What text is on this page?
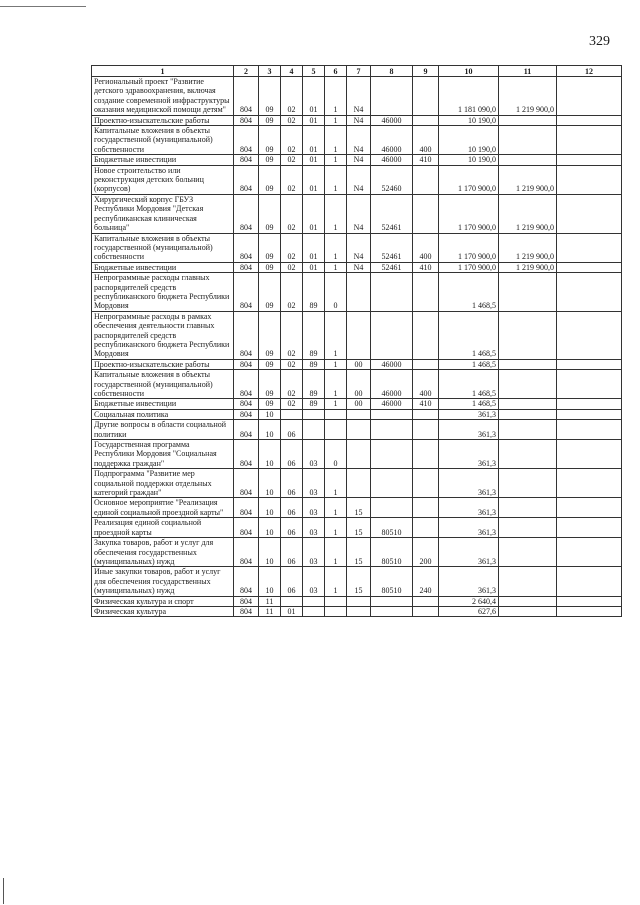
329
1	2	3	4	5	6	7	8	9	10	11	12
Региональный проект "Развитие детского здравоохранения, включая создание современной инфраструктуры оказания медицинской помощи детям"	804	09	02	01	1	N4			1 181 090,0	1 219 900,0	
Проектно-изыскательские работы	804	09	02	01	1	N4	46000		10 190,0		
Капитальные вложения в объекты государственной (муниципальной) собственности	804	09	02	01	1	N4	46000	400	10 190,0		
Бюджетные инвестиции	804	09	02	01	1	N4	46000	410	10 190,0		
Новое строительство или реконструкция детских больниц (корпусов)	804	09	02	01	1	N4	52460		1 170 900,0	1 219 900,0	
Хирургический корпус ГБУЗ Республики Мордовия "Детская республиканская клиническая больница"	804	09	02	01	1	N4	52461		1 170 900,0	1 219 900,0	
Капитальные вложения в объекты государственной (муниципальной) собственности	804	09	02	01	1	N4	52461	400	1 170 900,0	1 219 900,0	
Бюджетные инвестиции	804	09	02	01	1	N4	52461	410	1 170 900,0	1 219 900,0	
Непрограммные расходы главных распорядителей средств республиканского бюджета Республики Мордовия	804	09	02	89	0				1 468,5		
Непрограммные расходы в рамках обеспечения деятельности главных распорядителей средств республиканского бюджета Республики Мордовия	804	09	02	89	1				1 468,5		
Проектно-изыскательские работы	804	09	02	89	1	00	46000		1 468,5		
Капитальные вложения в объекты государственной (муниципальной) собственности	804	09	02	89	1	00	46000	400	1 468,5		
Бюджетные инвестиции	804	09	02	89	1	00	46000	410	1 468,5		
Социальная политика	804	10							361,3		
Другие вопросы в области социальной политики	804	10	06						361,3		
Государственная программа Республики Мордовия "Социальная поддержка граждан"	804	10	06	03	0				361,3		
Подпрограмма "Развитие мер социальной поддержки отдельных категорий граждан"	804	10	06	03	1				361,3		
Основное мероприятие "Реализация единой социальной проездной карты"	804	10	06	03	1	15			361,3		
Реализация единой социальной проездной карты	804	10	06	03	1	15	80510		361,3		
Закупка товаров, работ и услуг для обеспечения государственных (муниципальных) нужд	804	10	06	03	1	15	80510	200	361,3		
Иные закупки товаров, работ и услуг для обеспечения государственных (муниципальных) нужд	804	10	06	03	1	15	80510	240	361,3		
Физическая культура и спорт	804	11							2 640,4		
Физическая культура	804	11	01						627,6		
